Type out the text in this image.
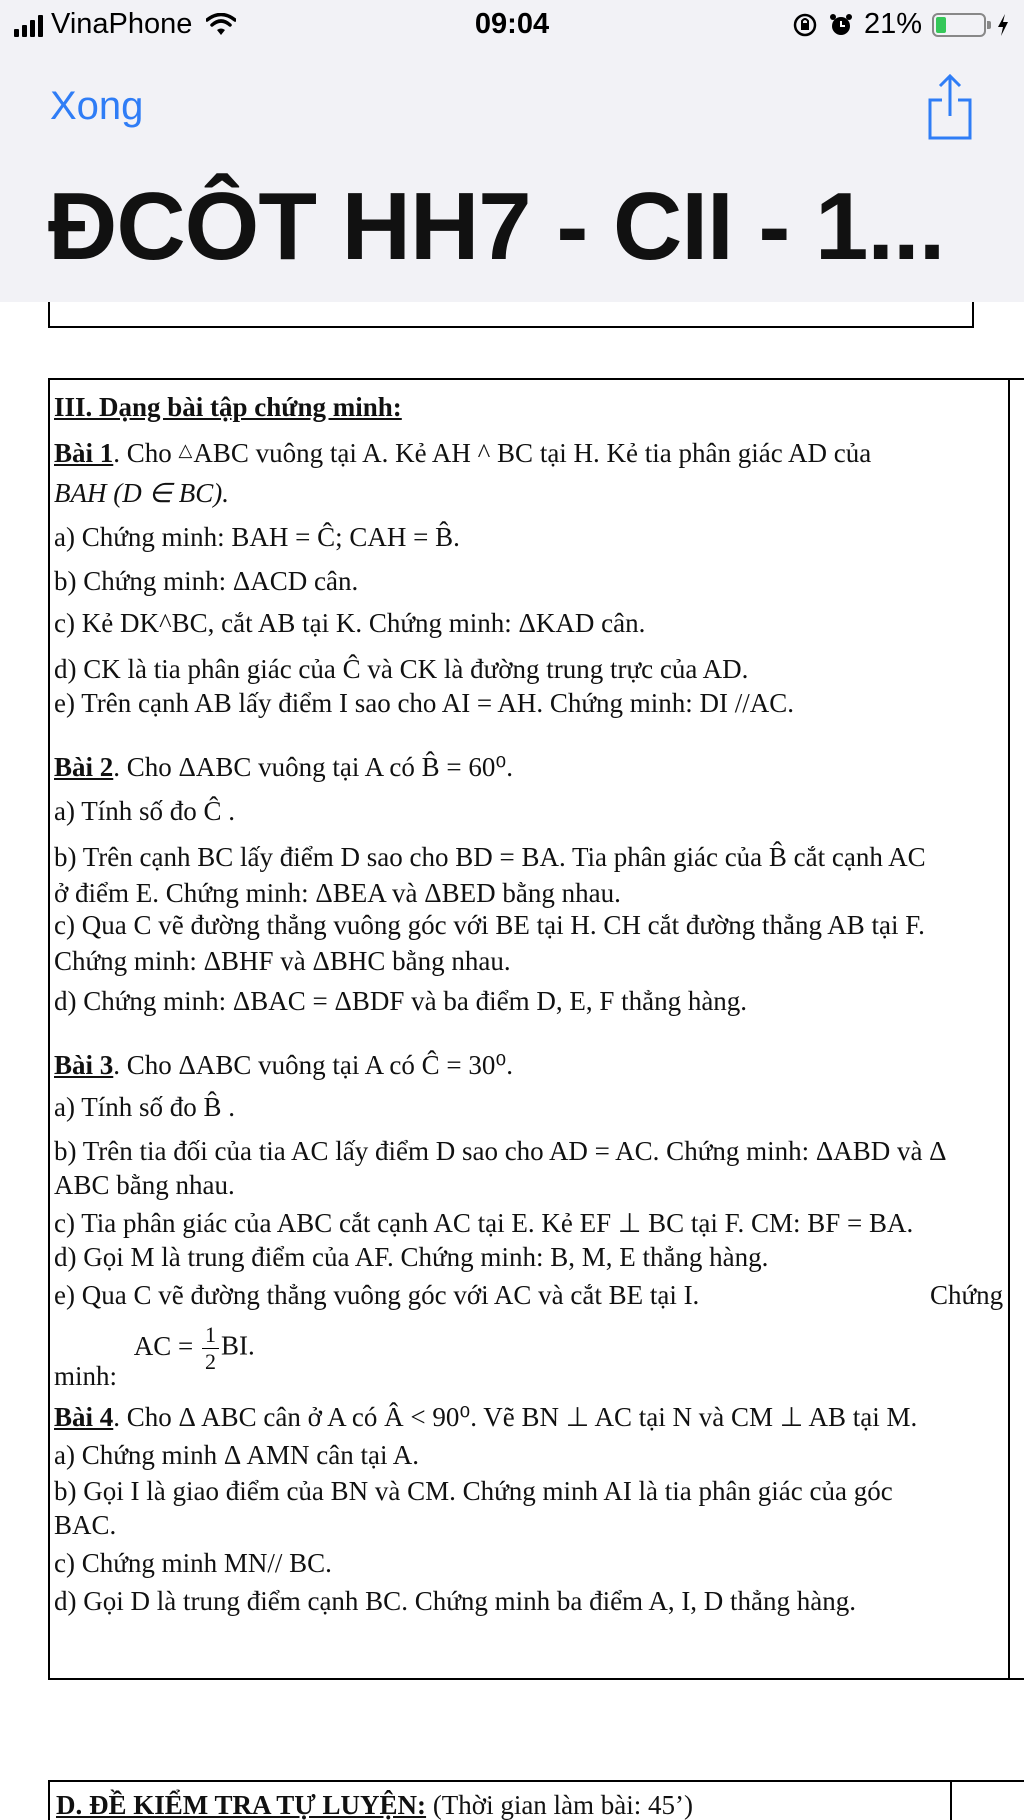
VinaPhone	09:04	21%
Xong
ĐCÔT HH7 - CII - 1...
III. Dạng bài tập chứng minh:
Bài 1. Cho △ABC vuông tại A. Kẻ AH ^ BC tại H. Kẻ tia phân giác AD của
BAH (D ∈ BC).
a) Chứng minh: BAH = Ĉ; CAH = B̂.
b) Chứng minh: ΔACD cân.
c) Kẻ DK^BC, cắt AB tại K. Chứng minh: ΔKAD cân.
d) CK là tia phân giác của Ĉ và CK là đường trung trực của AD.
e) Trên cạnh AB lấy điểm I sao cho AI = AH. Chứng minh: DI //AC.
Bài 2. Cho ΔABC vuông tại A có B̂ = 60⁰.
a) Tính số đo Ĉ .
b) Trên cạnh BC lấy điểm D sao cho BD = BA. Tia phân giác của B̂ cắt cạnh AC
ở điểm E. Chứng minh: ΔBEA và ΔBED bằng nhau.
c) Qua C vẽ đường thẳng vuông góc với BE tại H. CH cắt đường thẳng AB tại F.
Chứng minh: ΔBHF và ΔBHC bằng nhau.
d) Chứng minh: ΔBAC = ΔBDF và ba điểm D, E, F thẳng hàng.
Bài 3. Cho ΔABC vuông tại A có Ĉ = 30⁰.
a) Tính số đo B̂ .
b) Trên tia đối của tia AC lấy điểm D sao cho AD = AC. Chứng minh: ΔABD và Δ
ABC bằng nhau.
c) Tia phân giác của ABC cắt cạnh AC tại E. Kẻ EF ⊥ BC tại F. CM: BF = BA.
d) Gọi M là trung điểm của AF. Chứng minh: B, M, E thẳng hàng.
e) Qua C vẽ đường thẳng vuông góc với AC và cắt BE tại I.	Chứng
minh: AC = $\frac{1}{2}$ BI.
Bài 4. Cho Δ ABC cân ở A có Â < 90⁰. Vẽ BN ⊥ AC tại N và CM ⊥ AB tại M.
a) Chứng minh Δ AMN cân tại A.
b) Gọi I là giao điểm của BN và CM. Chứng minh AI là tia phân giác của góc
BAC.
c) Chứng minh MN// BC.
d) Gọi D là trung điểm cạnh BC. Chứng minh ba điểm A, I, D thẳng hàng.
D. ĐỀ KIỂM TRA TỰ LUYỆN: (Thời gian làm bài: 45’)
